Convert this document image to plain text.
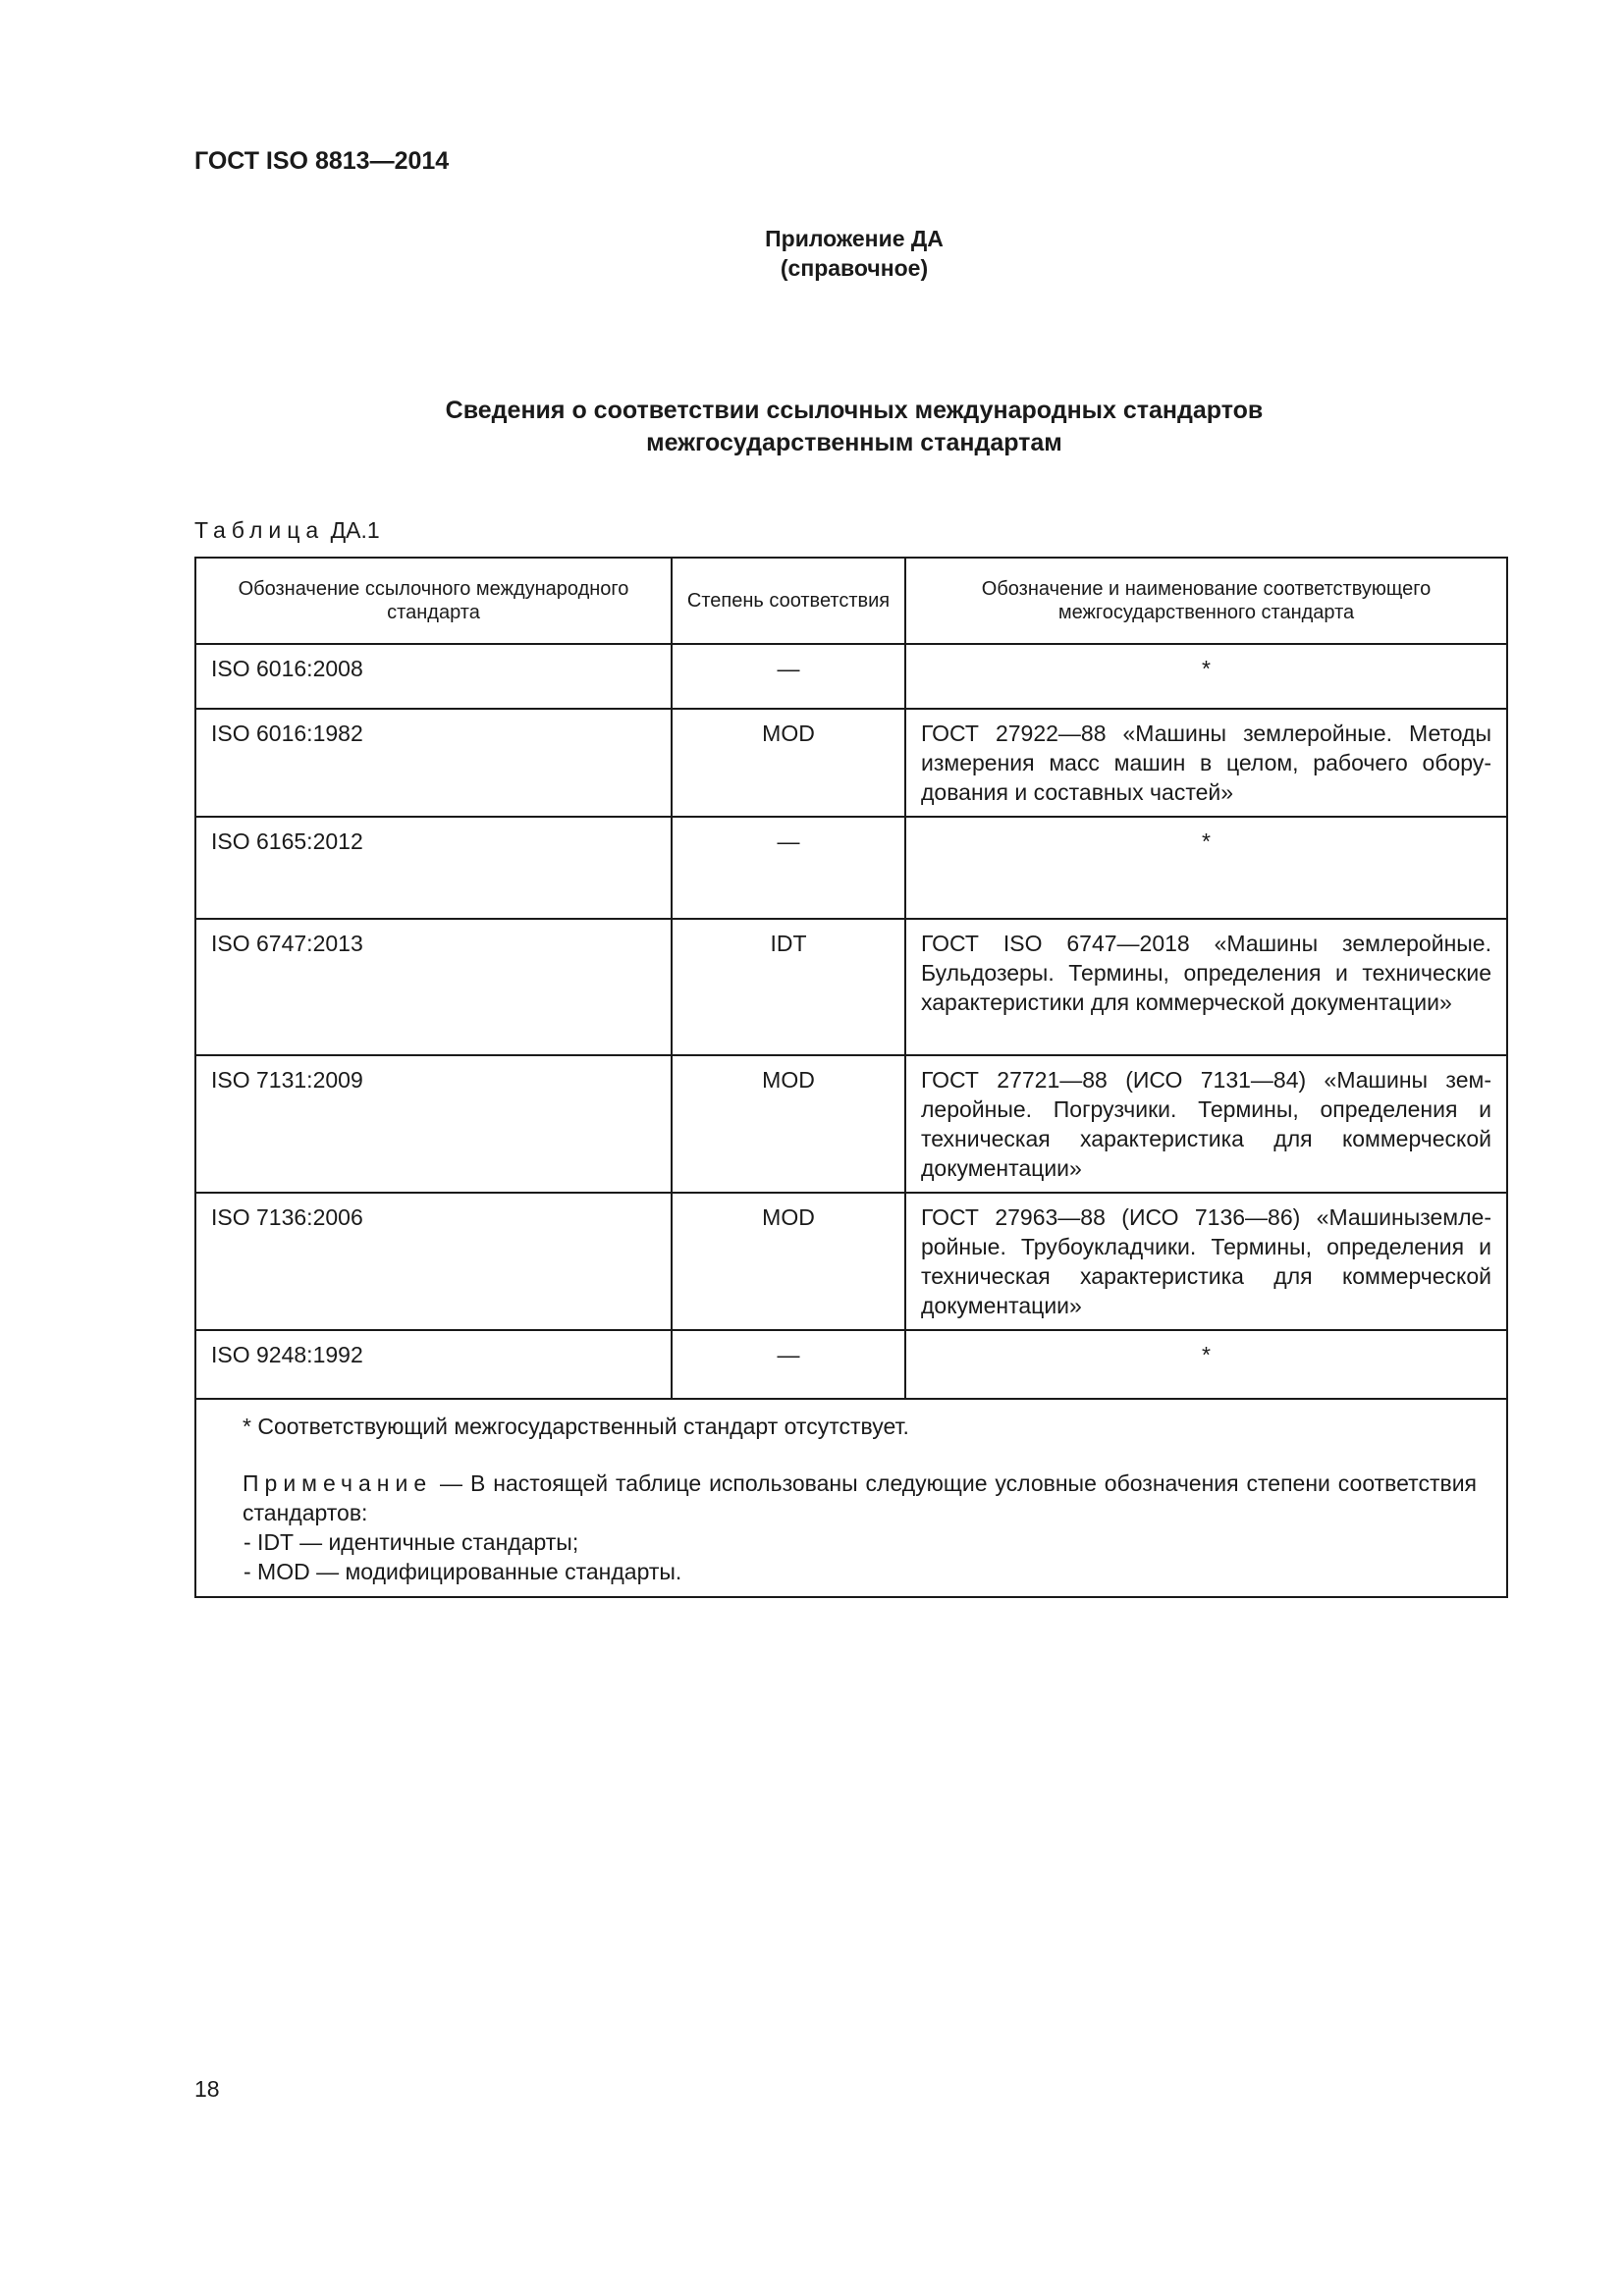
ГОСТ ISO 8813—2014
Приложение ДА
(справочное)
Сведения о соответствии ссылочных международных стандартов
межгосударственным стандартам
Таблица ДА.1
Обозначение ссылочного международного стандарта	Степень соответствия	Обозначение и наименование соответствующего межгосударственного стандарта
ISO 6016:2008	—	*
ISO 6016:1982	MOD	ГОСТ 27922—88 «Машины землеройные. Методы измерения масс машин в целом, рабочего оборудования и составных частей»
ISO 6165:2012	—	*
ISO 6747:2013	IDT	ГОСТ ISO 6747—2018 «Машины землеройные. Бульдозеры. Термины, определения и технические характеристики для коммерческой документации»
ISO 7131:2009	MOD	ГОСТ 27721—88 (ИСО 7131—84) «Машины землеройные. Погрузчики. Термины, определения и техническая характеристика для коммерческой документации»
ISO 7136:2006	MOD	ГОСТ 27963—88 (ИСО 7136—86) «Машиныземлеройные. Трубоукладчики. Термины, определения и техническая характеристика для коммерческой документации»
ISO 9248:1992	—	*

* Соответствующий межгосударственный стандарт отсутствует.
Примечание — В настоящей таблице использованы следующие условные обозначения степени соответствия стандартов:
- IDT — идентичные стандарты;
- MOD — модифицированные стандарты.		
18
